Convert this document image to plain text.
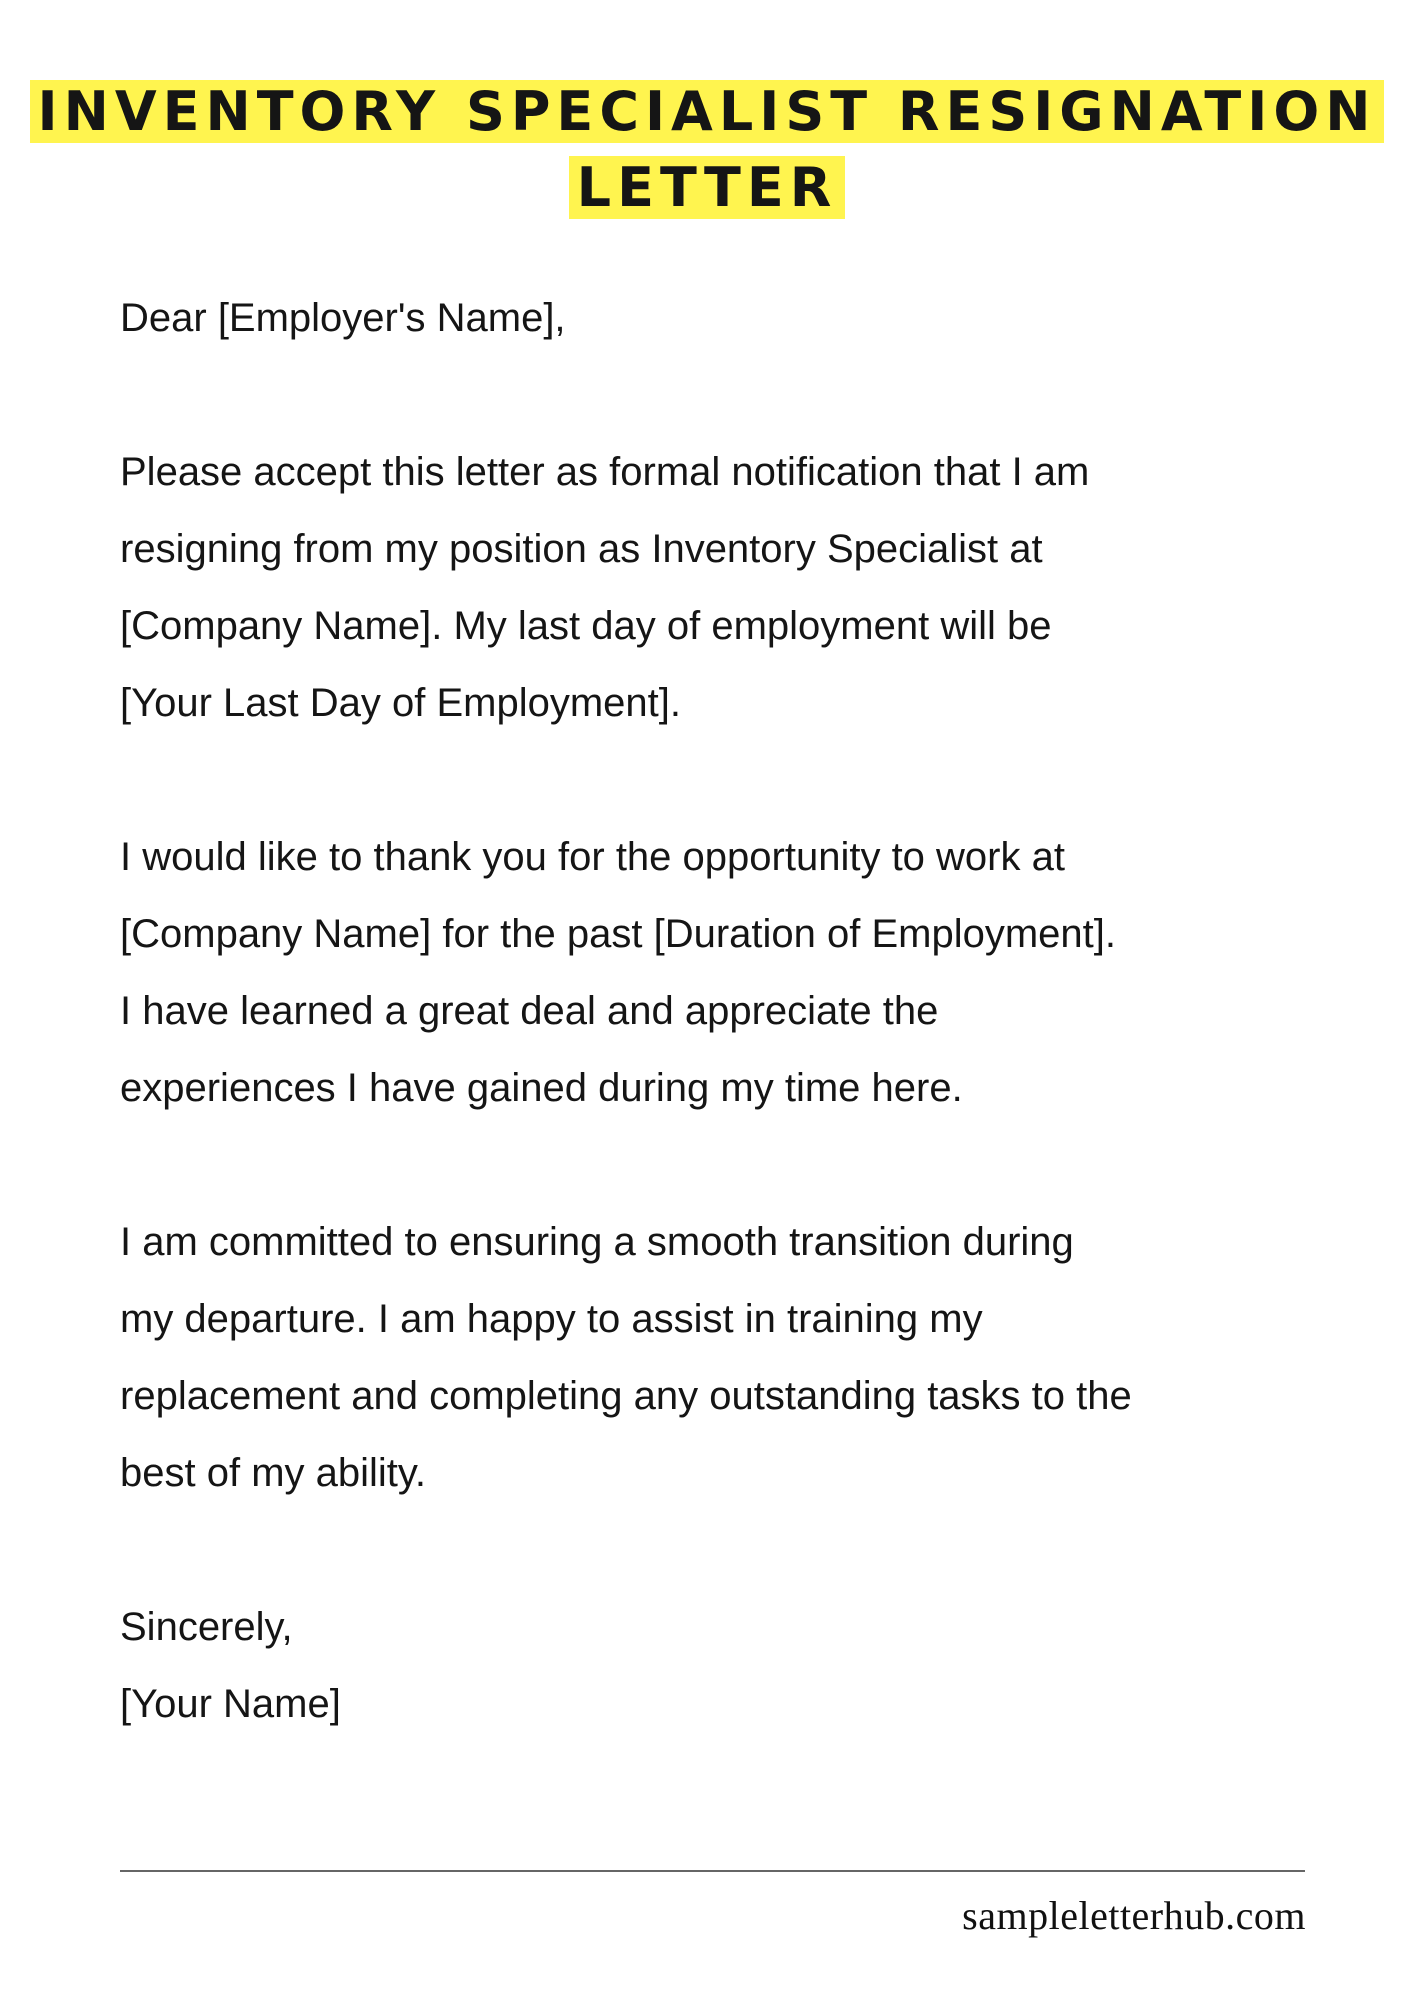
INVENTORY SPECIALIST RESIGNATION LETTER

Dear [Employer's Name],

Please accept this letter as formal notification that I am
resigning from my position as Inventory Specialist at
[Company Name]. My last day of employment will be
[Your Last Day of Employment].

I would like to thank you for the opportunity to work at
[Company Name] for the past [Duration of Employment].
I have learned a great deal and appreciate the
experiences I have gained during my time here.

I am committed to ensuring a smooth transition during
my departure. I am happy to assist in training my
replacement and completing any outstanding tasks to the
best of my ability.

Sincerely,
[Your Name]

sampleletterhub.com
